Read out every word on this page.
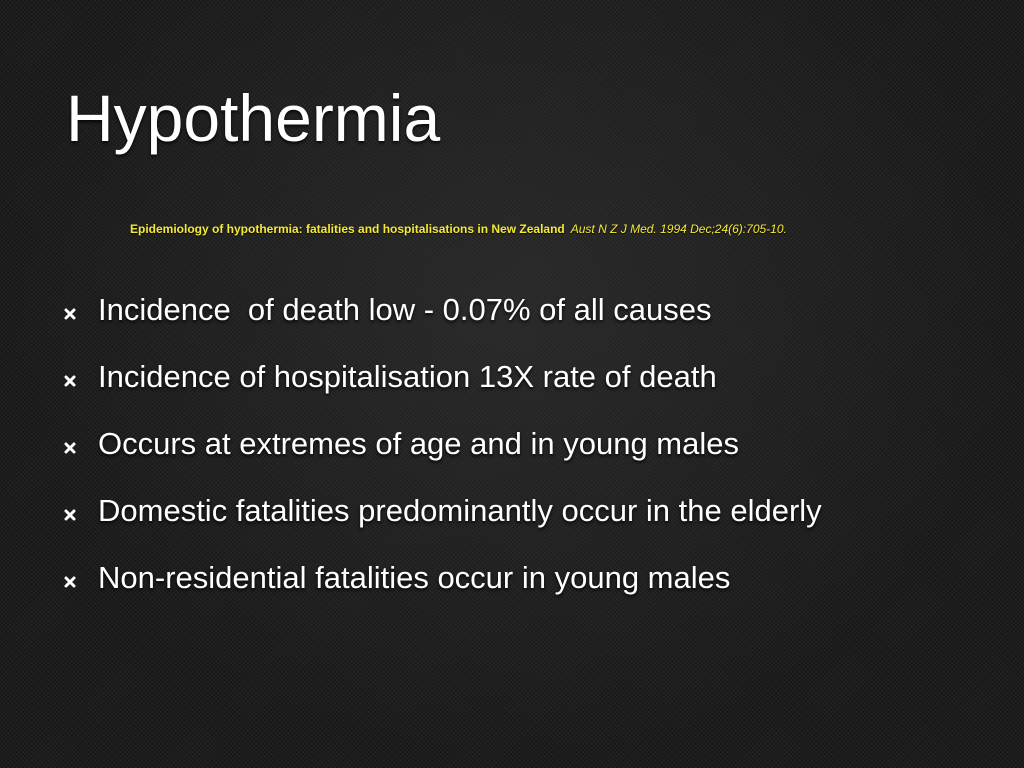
Hypothermia
Epidemiology of hypothermia: fatalities and hospitalisations in New Zealand Aust N Z J Med. 1994 Dec;24(6):705-10.
Incidence  of death low - 0.07% of all causes
Incidence of hospitalisation 13X rate of death
Occurs at extremes of age and in young males
Domestic fatalities predominantly occur in the elderly
Non-residential fatalities occur in young males
